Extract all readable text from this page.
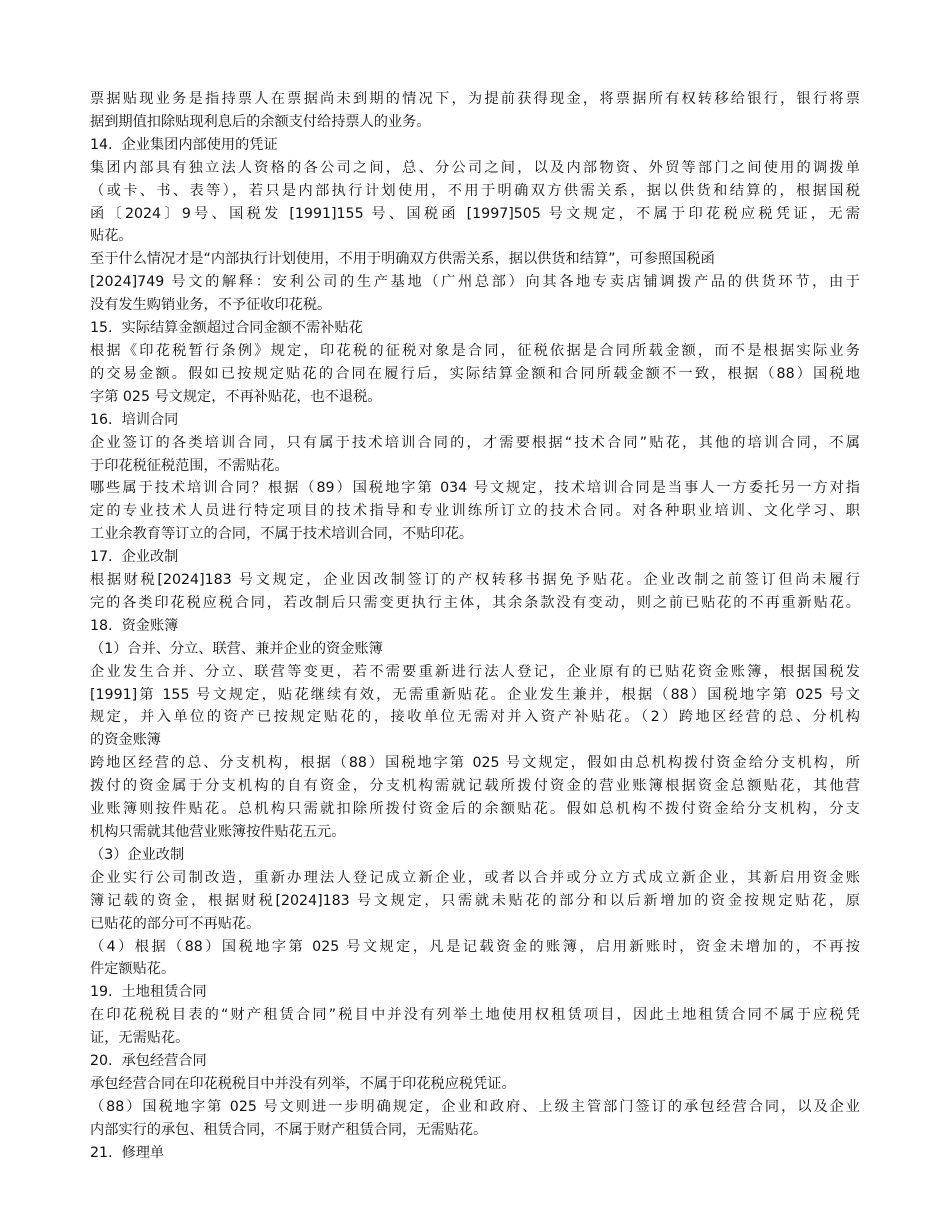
票据贴现业务是指持票人在票据尚未到期的情况下，为提前获得现金，将票据所有权转移给银行，银行将票
据到期值扣除贴现利息后的余额支付给持票人的业务。
14.  企业集团内部使用的凭证
集团内部具有独立法人资格的各公司之间，总、分公司之间，以及内部物资、外贸等部门之间使用的调拨单
（或卡、书、表等），若只是内部执行计划使用，不用于明确双方供需关系，据以供货和结算的，根据国税
函〔2024〕9号、国税发 [1991]155 号、国税函 [1997]505 号文规定，不属于印花税应税凭证，无需
贴花。
至于什么情况才是“内部执行计划使用，不用于明确双方供需关系，据以供货和结算”，可参照国税函
[2024]749 号文的解释：安利公司的生产基地（广州总部）向其各地专卖店铺调拨产品的供货环节，由于
没有发生购销业务，不予征收印花税。
15.  实际结算金额超过合同金额不需补贴花
根据《印花税暂行条例》规定，印花税的征税对象是合同，征税依据是合同所载金额，而不是根据实际业务
的交易金额。假如已按规定贴花的合同在履行后，实际结算金额和合同所载金额不一致，根据（88）国税地
字第 025 号文规定，不再补贴花，也不退税。
16.  培训合同
企业签订的各类培训合同，只有属于技术培训合同的，才需要根据“技术合同”贴花，其他的培训合同，不属
于印花税征税范围，不需贴花。
哪些属于技术培训合同？根据（89）国税地字第 034 号文规定，技术培训合同是当事人一方委托另一方对指
定的专业技术人员进行特定项目的技术指导和专业训练所订立的技术合同。对各种职业培训、文化学习、职
工业余教育等订立的合同，不属于技术培训合同，不贴印花。
17.  企业改制
根据财税[2024]183 号文规定，企业因改制签订的产权转移书据免予贴花。企业改制之前签订但尚未履行
完的各类印花税应税合同，若改制后只需变更执行主体，其余条款没有变动，则之前已贴花的不再重新贴花。
18.  资金账簿
（1）合并、分立、联营、兼并企业的资金账簿
企业发生合并、分立、联营等变更，若不需要重新进行法人登记，企业原有的已贴花资金账簿，根据国税发
[1991]第 155 号文规定，贴花继续有效，无需重新贴花。企业发生兼并，根据（88）国税地字第 025 号文
规定，并入单位的资产已按规定贴花的，接收单位无需对并入资产补贴花。（2）跨地区经营的总、分机构
的资金账簿
跨地区经营的总、分支机构，根据（88）国税地字第 025 号文规定，假如由总机构拨付资金给分支机构，所
拨付的资金属于分支机构的自有资金，分支机构需就记载所拨付资金的营业账簿根据资金总额贴花，其他营
业账簿则按件贴花。总机构只需就扣除所拨付资金后的余额贴花。假如总机构不拨付资金给分支机构，分支
机构只需就其他营业账簿按件贴花五元。
（3）企业改制
企业实行公司制改造，重新办理法人登记成立新企业，或者以合并或分立方式成立新企业，其新启用资金账
簿记载的资金，根据财税[2024]183 号文规定，只需就未贴花的部分和以后新增加的资金按规定贴花，原
已贴花的部分可不再贴花。
（4）根据（88）国税地字第 025 号文规定，凡是记载资金的账簿，启用新账时，资金未增加的，不再按
件定额贴花。
19.  土地租赁合同
在印花税税目表的“财产租赁合同”税目中并没有列举土地使用权租赁项目，因此土地租赁合同不属于应税凭
证，无需贴花。
20.  承包经营合同
承包经营合同在印花税税目中并没有列举，不属于印花税应税凭证。
（88）国税地字第 025 号文则进一步明确规定，企业和政府、上级主管部门签订的承包经营合同，以及企业
内部实行的承包、租赁合同，不属于财产租赁合同，无需贴花。
21.  修理单
